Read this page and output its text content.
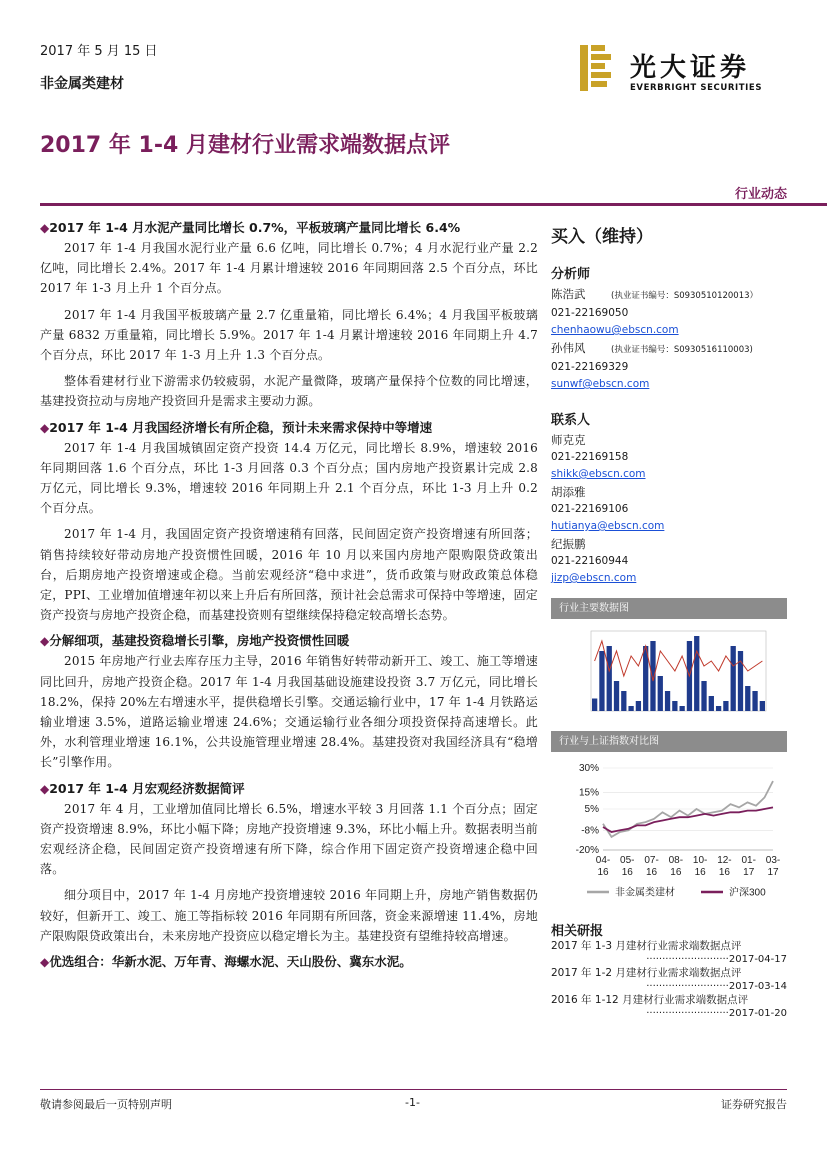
2017 年 5 月 15 日
非金属类建材
光大证券
EVERBRIGHT SECURITIES
2017 年 1-4 月建材行业需求端数据点评
行业动态
◆2017 年 1-4 月水泥产量同比增长 0.7%，平板玻璃产量同比增长 6.4%
2017 年 1-4 月我国水泥行业产量 6.6 亿吨，同比增长 0.7%；4 月水泥行业产量 2.2 亿吨，同比增长 2.4%。2017 年 1-4 月累计增速较 2016 年同期回落 2.5 个百分点，环比 2017 年 1-3 月上升 1 个百分点。
2017 年 1-4 月我国平板玻璃产量 2.7 亿重量箱，同比增长 6.4%；4 月我国平板玻璃产量 6832 万重量箱，同比增长 5.9%。2017 年 1-4 月累计增速较 2016 年同期上升 4.7 个百分点，环比 2017 年 1-3 月上升 1.3 个百分点。
整体看建材行业下游需求仍较疲弱，水泥产量微降，玻璃产量保持个位数的同比增速，基建投资拉动与房地产投资回升是需求主要动力源。
◆2017 年 1-4 月我国经济增长有所企稳，预计未来需求保持中等增速
2017 年 1-4 月我国城镇固定资产投资 14.4 万亿元，同比增长 8.9%，增速较 2016 年同期回落 1.6 个百分点，环比 1-3 月回落 0.3 个百分点；国内房地产投资累计完成 2.8 万亿元，同比增长 9.3%，增速较 2016 年同期上升 2.1 个百分点，环比 1-3 月上升 0.2 个百分点。
2017 年 1-4 月，我国固定资产投资增速稍有回落，民间固定资产投资增速有所回落；销售持续较好带动房地产投资惯性回暖，2016 年 10 月以来国内房地产限购限贷政策出台，后期房地产投资增速或企稳。当前宏观经济“稳中求进”，货币政策与财政政策总体稳定，PPI、工业增加值增速年初以来上升后有所回落，预计社会总需求可保持中等增速，固定资产投资与房地产投资企稳，而基建投资则有望继续保持稳定较高增长态势。
◆分解细项，基建投资稳增长引擎，房地产投资惯性回暖
2015 年房地产行业去库存压力主导，2016 年销售好转带动新开工、竣工、施工等增速同比回升，房地产投资企稳。2017 年 1-4 月我国基础设施建设投资 3.7 万亿元，同比增长 18.2%，保持 20%左右增速水平，提供稳增长引擎。交通运输行业中，17 年 1-4 月铁路运输业增速 3.5%，道路运输业增速 24.6%；交通运输行业各细分项投资保持高速增长。此外，水利管理业增速 16.1%，公共设施管理业增速 28.4%。基建投资对我国经济具有“稳增长”引擎作用。
◆2017 年 1-4 月宏观经济数据简评
2017 年 4 月，工业增加值同比增长 6.5%，增速水平较 3 月回落 1.1 个百分点；固定资产投资增速 8.9%，环比小幅下降；房地产投资增速 9.3%，环比小幅上升。数据表明当前宏观经济企稳，民间固定资产投资增速有所下降，综合作用下固定资产投资增速企稳中回落。
细分项目中，2017 年 1-4 月房地产投资增速较 2016 年同期上升，房地产销售数据仍较好，但新开工、竣工、施工等指标较 2016 年同期有所回落，资金来源增速 11.4%，房地产限购限贷政策出台，未来房地产投资应以稳定增长为主。基建投资有望维持较高增速。
◆优选组合：华新水泥、万年青、海螺水泥、天山股份、冀东水泥。
买入（维持）
分析师
陈浩武	(执业证书编号：S0930510120013）
021-22169050
chenhaowu@ebscn.com
孙伟风	(执业证书编号：S0930516110003)
021-22169329
sunwf@ebscn.com
联系人
师克克
021-22169158
shikk@ebscn.com
胡添雅
021-22169106
hutianya@ebscn.com
纪振鹏
021-22160944
jizp@ebscn.com
行业主要数据图
行业与上证指数对比图
30%
15%
5%
-8%
-20%
04-
16
05-
16
07-
16
08-
16
10-
16
12-
16
01-
17
03-
17
非金属类建材	沪深300
相关研报
2017 年 1-3 月建材行业需求端数据点评
··························2017-04-17
2017 年 1-2 月建材行业需求端数据点评
··························2017-03-14
2016 年 1-12 月建材行业需求端数据点评
··························2017-01-20
敬请参阅最后一页特别声明	-1-	证券研究报告
